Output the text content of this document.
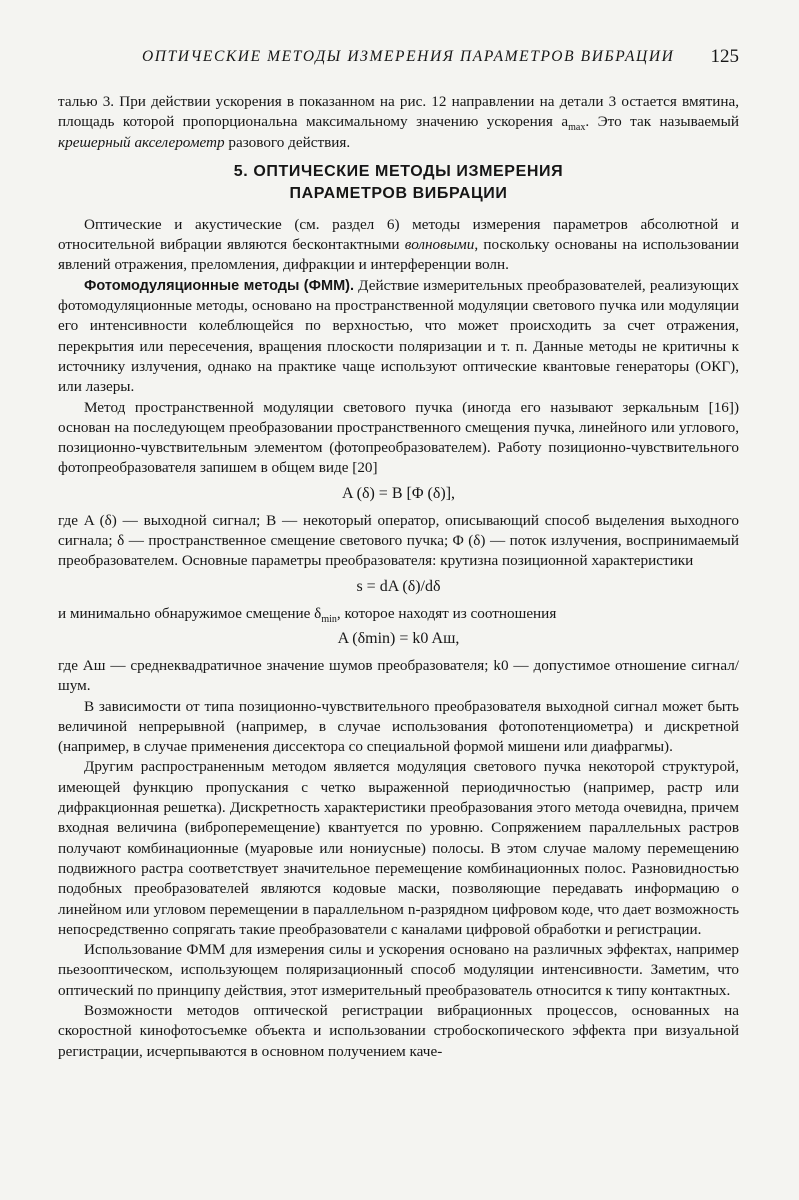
ОПТИЧЕСКИЕ МЕТОДЫ ИЗМЕРЕНИЯ ПАРАМЕТРОВ ВИБРАЦИИ 125

талью 3. При действии ускорения в показанном на рис. 12 направлении на детали 3 остается вмятина, площадь которой пропорциональна максимальному значению ускорения $a_{max}$. Это так называемый крешерный акселерометр разового действия.

5. ОПТИЧЕСКИЕ МЕТОДЫ ИЗМЕРЕНИЯ
ПАРАМЕТРОВ ВИБРАЦИИ

Оптические и акустические (см. раздел 6) методы измерения параметров абсолютной и относительной вибрации являются бесконтактными волновыми, поскольку основаны на использовании явлений отражения, преломления, дифракции и интерференции волн.

Фотомодуляционные методы (ФММ). Действие измерительных преобразователей, реализующих фотомодуляционные методы, основано на пространственной модуляции светового пучка или модуляции его интенсивности колеблющейся по верхностью, что может происходить за счет отражения, перекрытия или пересечения, вращения плоскости поляризации и т. п. Данные методы не критичны к источнику излучения, однако на практике чаще используют оптические квантовые генераторы (ОКГ), или лазеры.

Метод пространственной модуляции светового пучка (иногда его называют зеркальным [16]) основан на последующем преобразовании пространственного смещения пучка, линейного или углового, позиционно-чувствительным элементом (фотопреобразователем). Работу позиционно-чувствительного фотопреобразователя запишем в общем виде [20]

A (δ) = B [Φ (δ)],

где A (δ) — выходной сигнал; B — некоторый оператор, описывающий способ выделения выходного сигнала; δ — пространственное смещение светового пучка; Φ (δ) — поток излучения, воспринимаемый преобразователем. Основные параметры преобразователя: крутизна позиционной характеристики

s = dA (δ)/dδ

и минимально обнаружимое смещение $\delta_{min}$, которое находят из соотношения

A (δmin) = k0 Aш,

где Aш — среднеквадратичное значение шумов преобразователя; k0 — допустимое отношение сигнал/шум.

В зависимости от типа позиционно-чувствительного преобразователя выходной сигнал может быть величиной непрерывной (например, в случае использования фотопотенциометра) и дискретной (например, в случае применения диссектора со специальной формой мишени или диафрагмы).

Другим распространенным методом является модуляция светового пучка некоторой структурой, имеющей функцию пропускания с четко выраженной периодичностью (например, растр или дифракционная решетка). Дискретность характеристики преобразования этого метода очевидна, причем входная величина (виброперемещение) квантуется по уровню. Сопряжением параллельных растров получают комбинационные (муаровые или нониусные) полосы. В этом случае малому перемещению подвижного растра соответствует значительное перемещение комбинационных полос. Разновидностью подобных преобразователей являются кодовые маски, позволяющие передавать информацию о линейном или угловом перемещении в параллельном n-разрядном цифровом коде, что дает возможность непосредственно сопрягать такие преобразователи с каналами цифровой обработки и регистрации.

Использование ФММ для измерения силы и ускорения основано на различных эффектах, например пьезооптическом, использующем поляризационный способ модуляции интенсивности. Заметим, что оптический по принципу действия, этот измерительный преобразователь относится к типу контактных.

Возможности методов оптической регистрации вибрационных процессов, основанных на скоростной кинофотосъемке объекта и использовании стробоскопического эффекта при визуальной регистрации, исчерпываются в основном получением каче-
